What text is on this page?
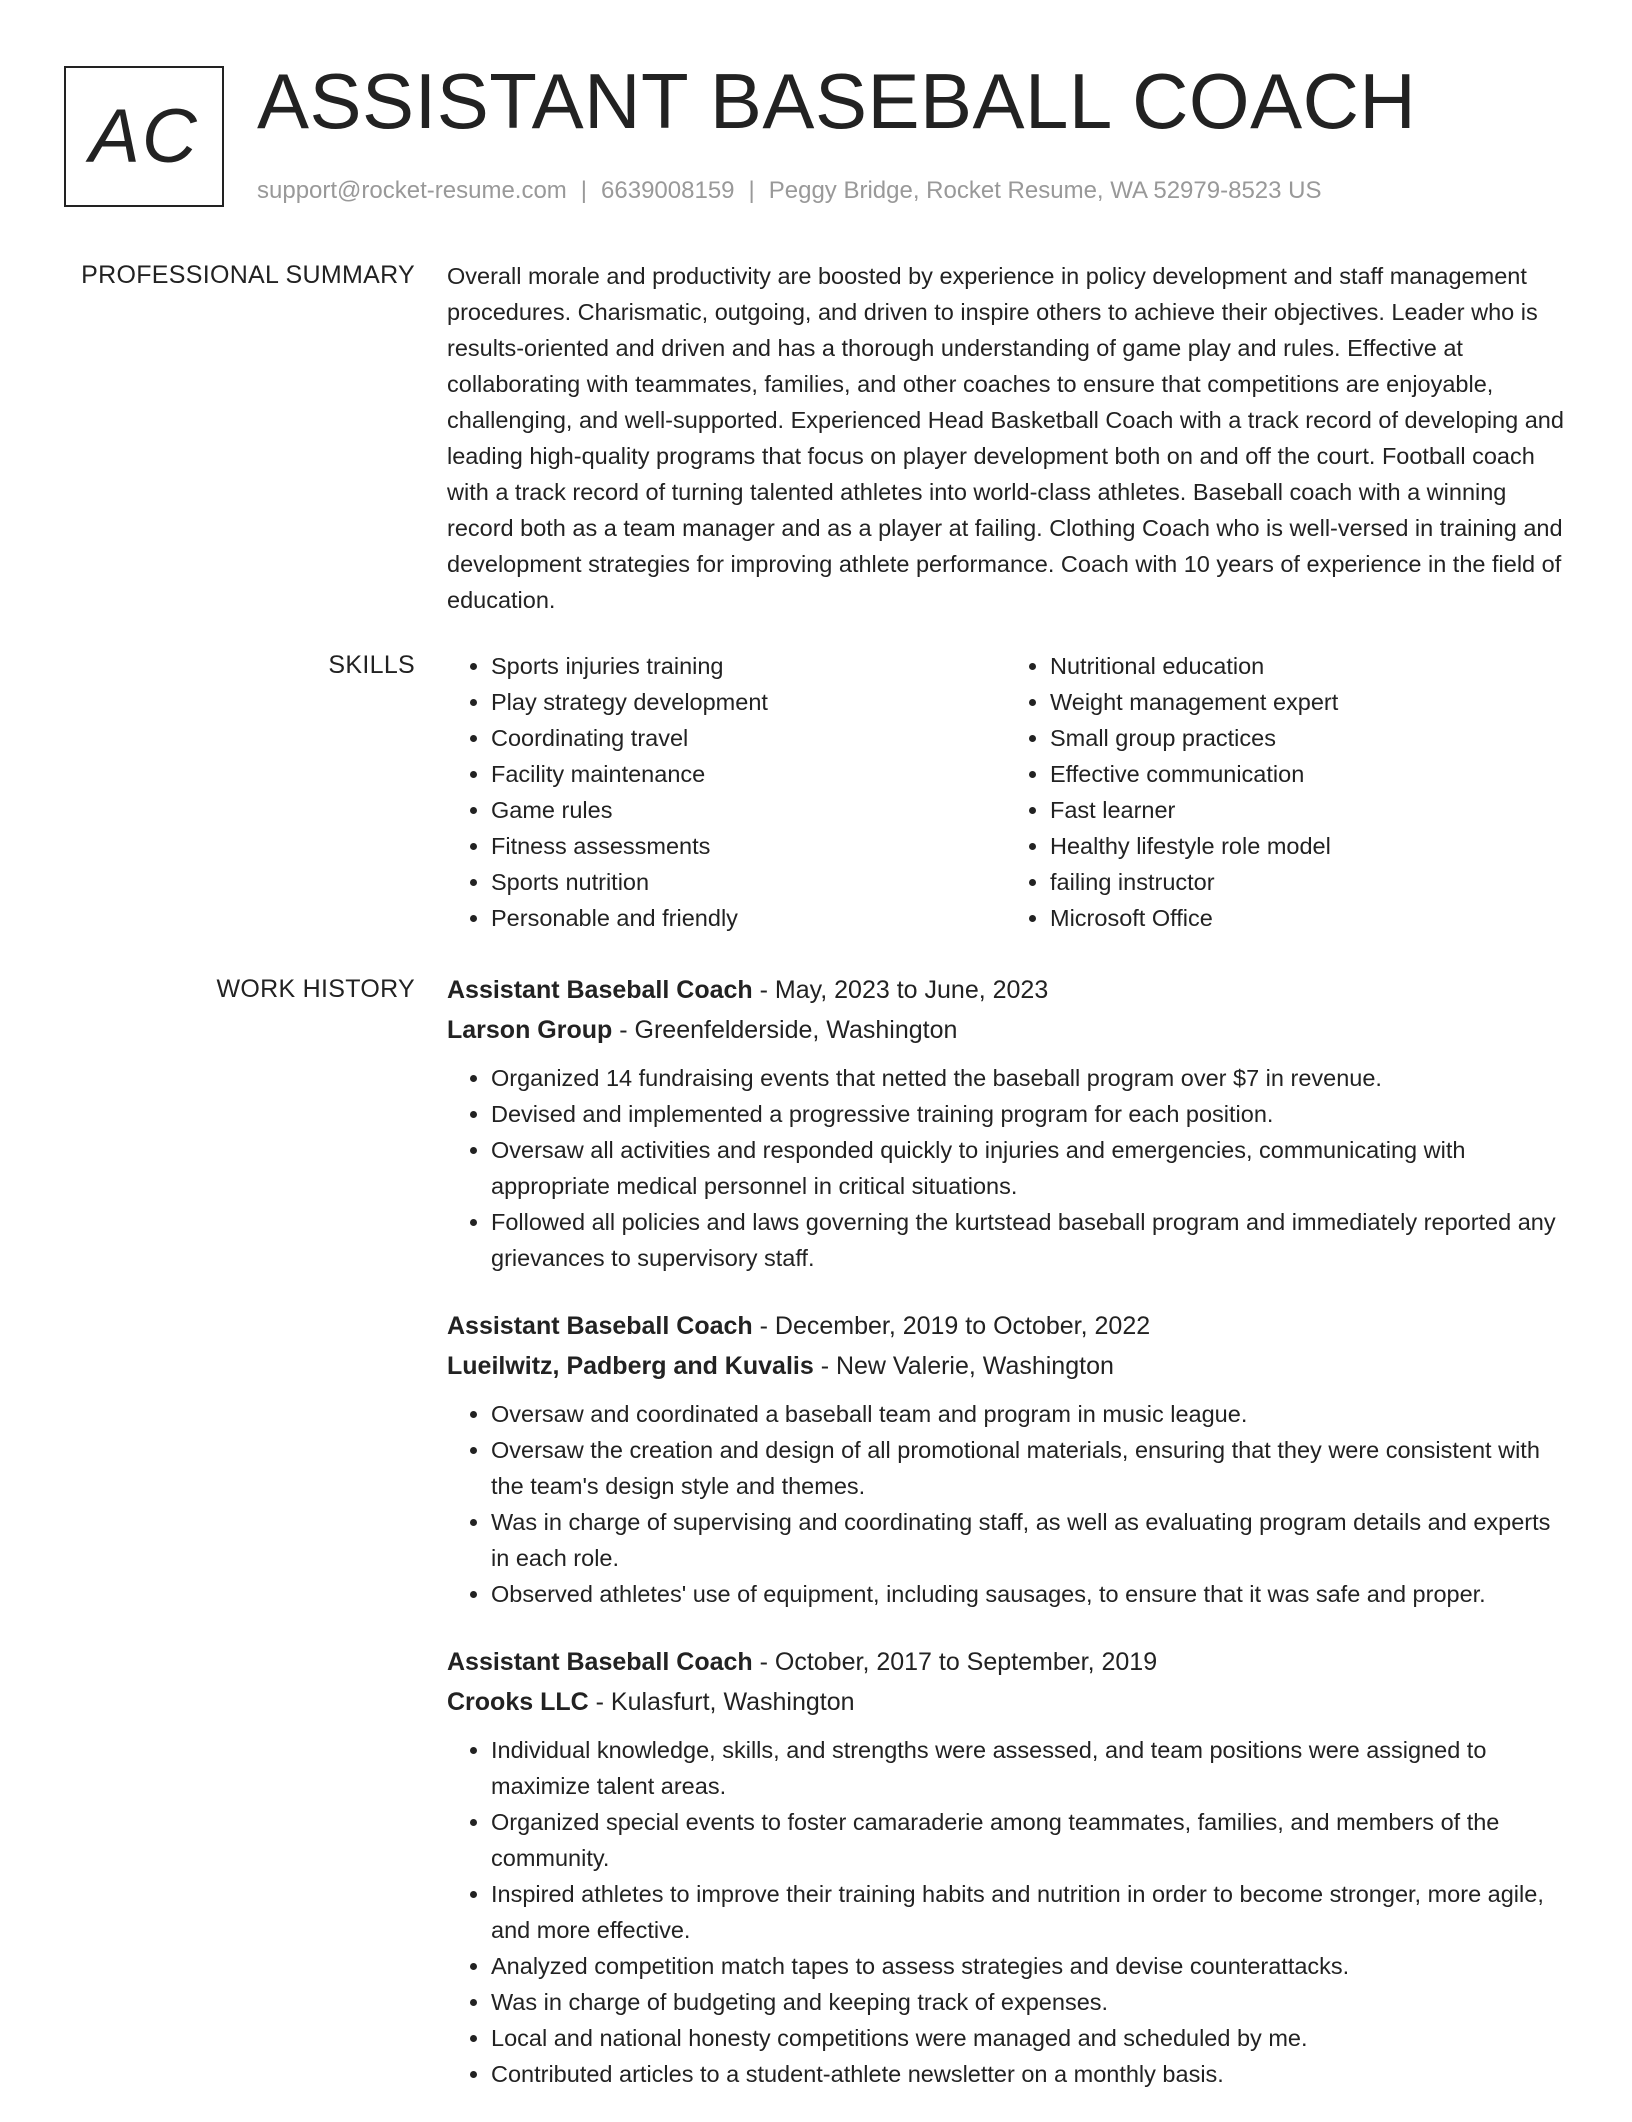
AC ASSISTANT BASEBALL COACH
support@rocket-resume.com | 6639008159 | Peggy Bridge, Rocket Resume, WA 52979-8523 US
PROFESSIONAL SUMMARY Overall morale and productivity are boosted by experience in policy development and staff management procedures. Charismatic, outgoing, and driven to inspire others to achieve their objectives. Leader who is results-oriented and driven and has a thorough understanding of game play and rules. Effective at collaborating with teammates, families, and other coaches to ensure that competitions are enjoyable, challenging, and well-supported. Experienced Head Basketball Coach with a track record of developing and leading high-quality programs that focus on player development both on and off the court. Football coach with a track record of turning talented athletes into world-class athletes. Baseball coach with a winning record both as a team manager and as a player at failing. Clothing Coach who is well-versed in training and development strategies for improving athlete performance. Coach with 10 years of experience in the field of education.

SKILLS
•	Sports injuries training
• Play strategy development
• Coordinating travel
• Facility maintenance
• Game rules
• Fitness assessments
• Sports nutrition
• Personable and friendly
• Nutritional education
• Weight management expert
• Small group practices
• Effective communication
• Fast learner
• Healthy lifestyle role model
• failing instructor
• Microsoft Office
WORK HISTORY Assistant Baseball Coach - May, 2023 to June, 2023
Larson Group - Greenfelderside, Washington
• Organized 14 fundraising events that netted the baseball program over $7 in revenue.
• Devised and implemented a progressive training program for each position.
• Oversaw all activities and responded quickly to injuries and emergencies, communicating with appropriate medical personnel in critical situations.
• Followed all policies and laws governing the kurtstead baseball program and immediately reported any grievances to supervisory staff.
Assistant Baseball Coach - December, 2019 to October, 2022
Lueilwitz, Padberg and Kuvalis - New Valerie, Washington
• Oversaw and coordinated a baseball team and program in music league.
• Oversaw the creation and design of all promotional materials, ensuring that they were consistent with the team's design style and themes.
• Was in charge of supervising and coordinating staff, as well as evaluating program details and experts in each role.
• Observed athletes' use of equipment, including sausages, to ensure that it was safe and proper.
Assistant Baseball Coach - October, 2017 to September, 2019
Crooks LLC - Kulasfurt, Washington
• Individual knowledge, skills, and strengths were assessed, and team positions were assigned to maximize talent areas.
• Organized special events to foster camaraderie among teammates, families, and members of the community.
• Inspired athletes to improve their training habits and nutrition in order to become stronger, more agile, and more effective.
• Analyzed competition match tapes to assess strategies and devise counterattacks.
• Was in charge of budgeting and keeping track of expenses.
• Local and national honesty competitions were managed and scheduled by me.
• Contributed articles to a student-athlete newsletter on a monthly basis.
